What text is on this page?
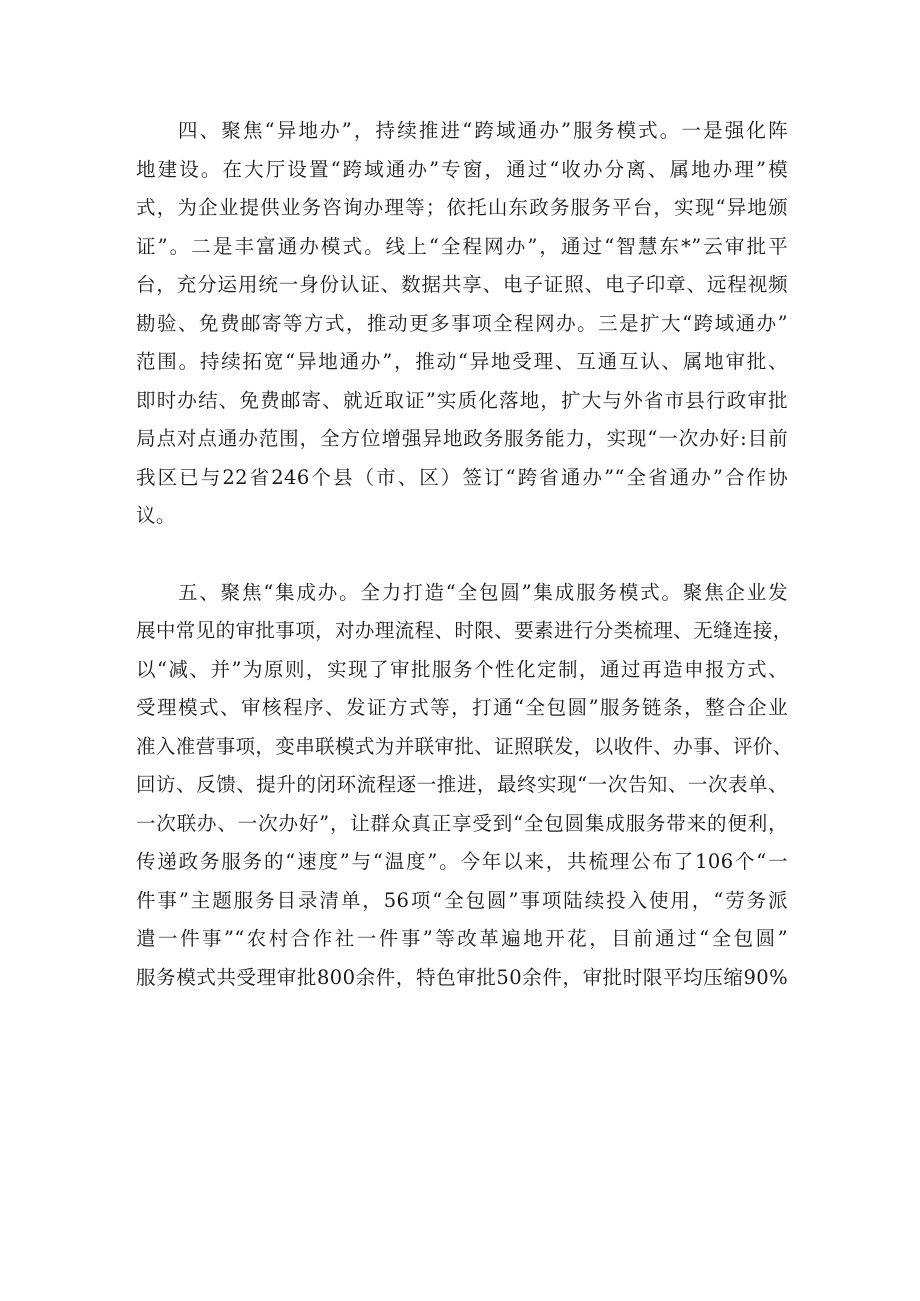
四、聚焦“异地办”，持续推进“跨域通办”服务模式。一是强化阵
地建设。在大厅设置“跨域通办”专窗，通过“收办分离、属地办理”模
式，为企业提供业务咨询办理等；依托山东政务服务平台，实现“异地颁
证”。二是丰富通办模式。线上“全程网办”，通过“智慧东*”云审批平
台，充分运用统一身份认证、数据共享、电子证照、电子印章、远程视频
勘验、免费邮寄等方式，推动更多事项全程网办。三是扩大“跨域通办”
范围。持续拓宽“异地通办”，推动“异地受理、互通互认、属地审批、
即时办结、免费邮寄、就近取证”实质化落地，扩大与外省市县行政审批
局点对点通办范围，全方位增强异地政务服务能力，实现“一次办好:目前
我区已与22省246个县（市、区）签订“跨省通办”“全省通办”合作协
议。
五、聚焦“集成办。全力打造“全包圆”集成服务模式。聚焦企业发
展中常见的审批事项，对办理流程、时限、要素进行分类梳理、无缝连接，
以“减、并”为原则，实现了审批服务个性化定制，通过再造申报方式、
受理模式、审核程序、发证方式等，打通“全包圆”服务链条，整合企业
准入准营事项，变串联模式为并联审批、证照联发，以收件、办事、评价、
回访、反馈、提升的闭环流程逐一推进，最终实现“一次告知、一次表单、
一次联办、一次办好”，让群众真正享受到“全包圆集成服务带来的便利，
传递政务服务的“速度”与“温度”。今年以来，共梳理公布了106个“一
件事”主题服务目录清单，56项“全包圆”事项陆续投入使用，“劳务派
遣一件事”“农村合作社一件事”等改革遍地开花，目前通过“全包圆”
服务模式共受理审批800余件，特色审批50余件，审批时限平均压缩90%
